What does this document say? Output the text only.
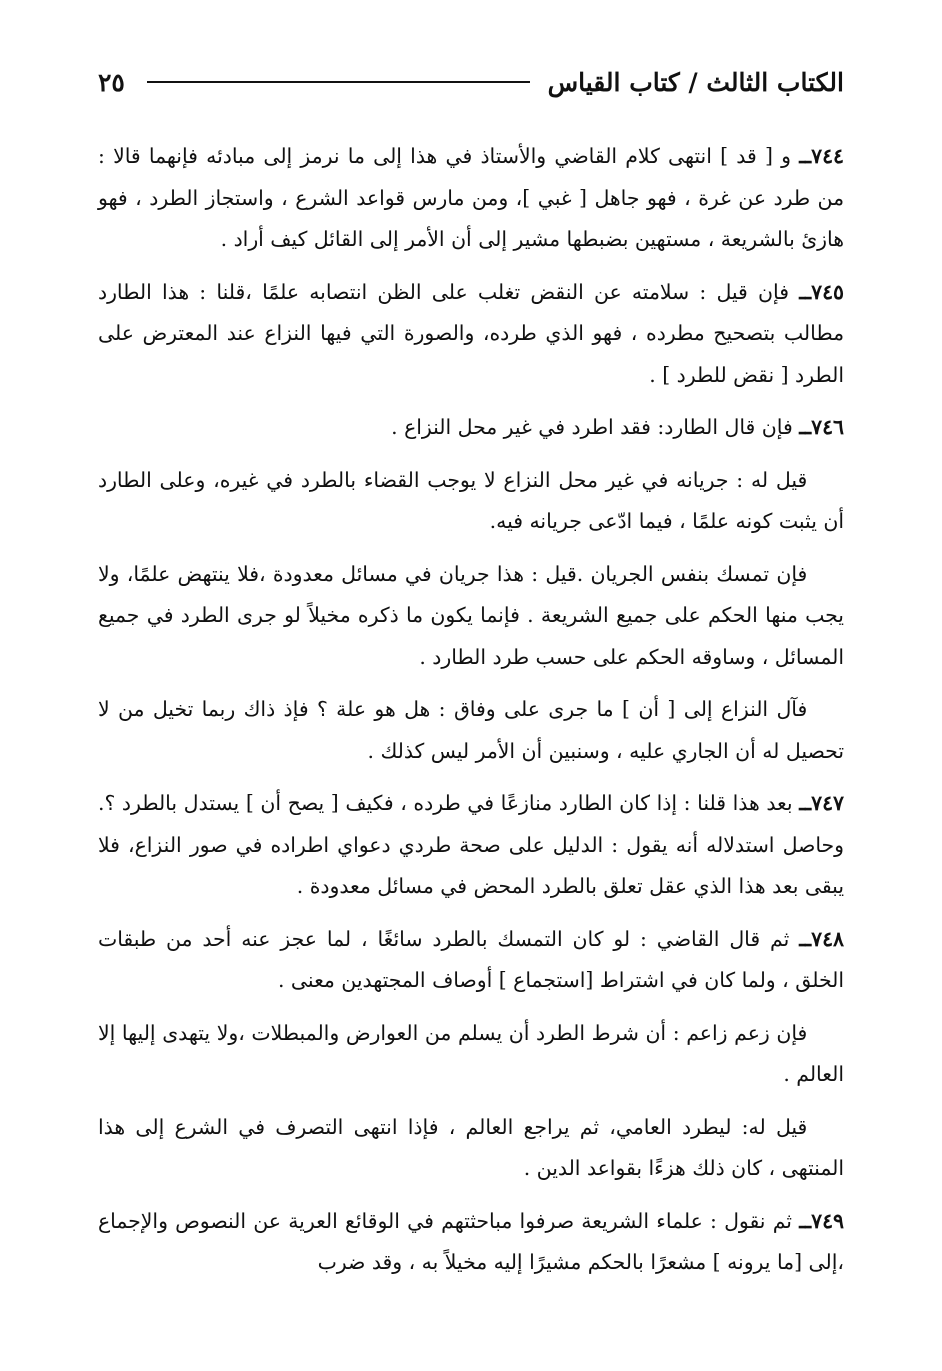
الكتاب الثالث / كتاب القياس
٢٥

٧٤٤ــ و [ قد ] انتهى كلام القاضي والأستاذ في هذا إلى ما نرمز إلى مبادئه فإنهما قالا : من طرد عن غرة ، فهو جاهل [ غبي ]، ومن مارس قواعد الشرع ، واستجاز الطرد ، فهو هازئ بالشريعة ، مستهين بضبطها مشير إلى أن الأمر إلى القائل كيف أراد .

٧٤٥ــ فإن قيل : سلامته عن النقض تغلب على الظن انتصابه علمًا ،قلنا : هذا الطارد مطالب بتصحيح مطرده ، فهو الذي طرده، والصورة التي فيها النزاع عند المعترض على الطرد [ نقض للطرد ] .

٧٤٦ــ فإن قال الطارد: فقد اطرد في غير محل النزاع .

قيل له : جريانه في غير محل النزاع لا يوجب القضاء بالطرد في غيره، وعلى الطارد أن يثبت كونه علمًا ، فيما ادّعى جريانه فيه.

فإن تمسك بنفس الجريان .قيل : هذا جريان في مسائل معدودة ،فلا ينتهض علمًا، ولا يجب منها الحكم على جميع الشريعة . فإنما يكون ما ذكره مخيلاً لو جرى الطرد في جميع المسائل ، وساوقه الحكم على حسب طرد الطارد .

فآل النزاع إلى [ أن ] ما جرى على وفاق : هل هو علة ؟ فإذ ذاك ربما تخيل من لا تحصيل له أن الجاري عليه ، وسنبين أن الأمر ليس كذلك .

٧٤٧ــ بعد هذا قلنا : إذا كان الطارد منازعًا في طرده ، فكيف [ يصح أن ] يستدل بالطرد ؟. وحاصل استدلاله أنه يقول : الدليل على صحة طردي دعواي اطراده في صور النزاع، فلا يبقى بعد هذا الذي عقل تعلق بالطرد المحض في مسائل معدودة .

٧٤٨ــ ثم قال القاضي : لو كان التمسك بالطرد سائغًا ، لما عجز عنه أحد من طبقات الخلق ، ولما كان في اشتراط [استجماع ] أوصاف المجتهدين معنى .

فإن زعم زاعم : أن شرط الطرد أن يسلم من العوارض والمبطلات ،ولا يتهدى إليها إلا العالم .

قيل له: ليطرد العامي، ثم يراجع العالم ، فإذا انتهى التصرف في الشرع إلى هذا المنتهى ، كان ذلك هزءًا بقواعد الدين .

٧٤٩ــ ثم نقول : علماء الشريعة صرفوا مباحثتهم في الوقائع العرية عن النصوص والإجماع ،إلى [ما يرونه ] مشعرًا بالحكم مشيرًا إليه مخيلاً به ، وقد ضرب
